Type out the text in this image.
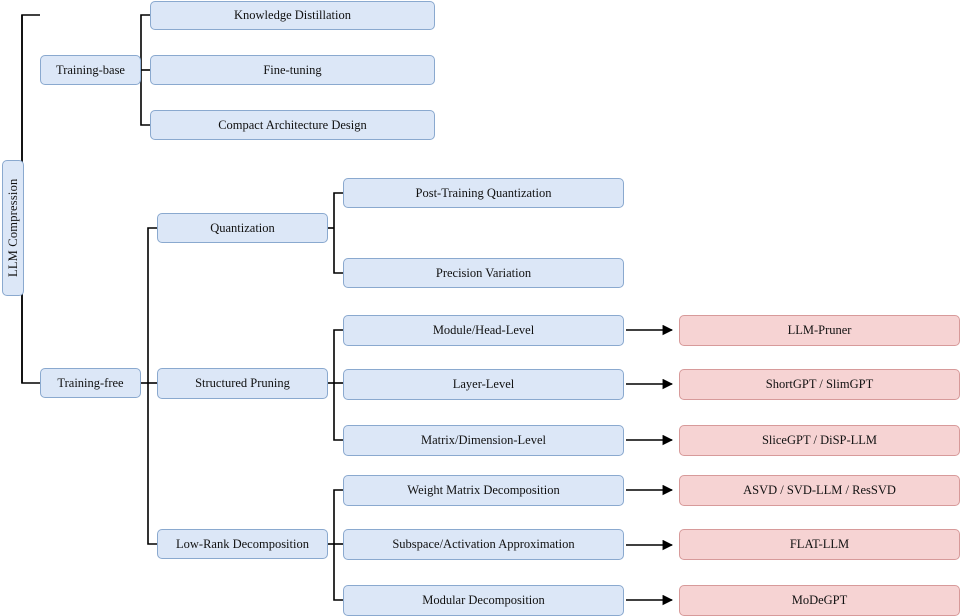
LLM Compression
Training-base
Training-free
Knowledge Distillation
Fine-tuning
Compact Architecture Design
Quantization
Structured Pruning
Low-Rank Decomposition
Post-Training Quantization
Precision Variation
Module/Head-Level
Layer-Level
Matrix/Dimension-Level
Weight Matrix Decomposition
Subspace/Activation Approximation
Modular Decomposition
LLM-Pruner
ShortGPT / SlimGPT
SliceGPT / DiSP-LLM
ASVD / SVD-LLM / ResSVD
FLAT-LLM
MoDeGPT
